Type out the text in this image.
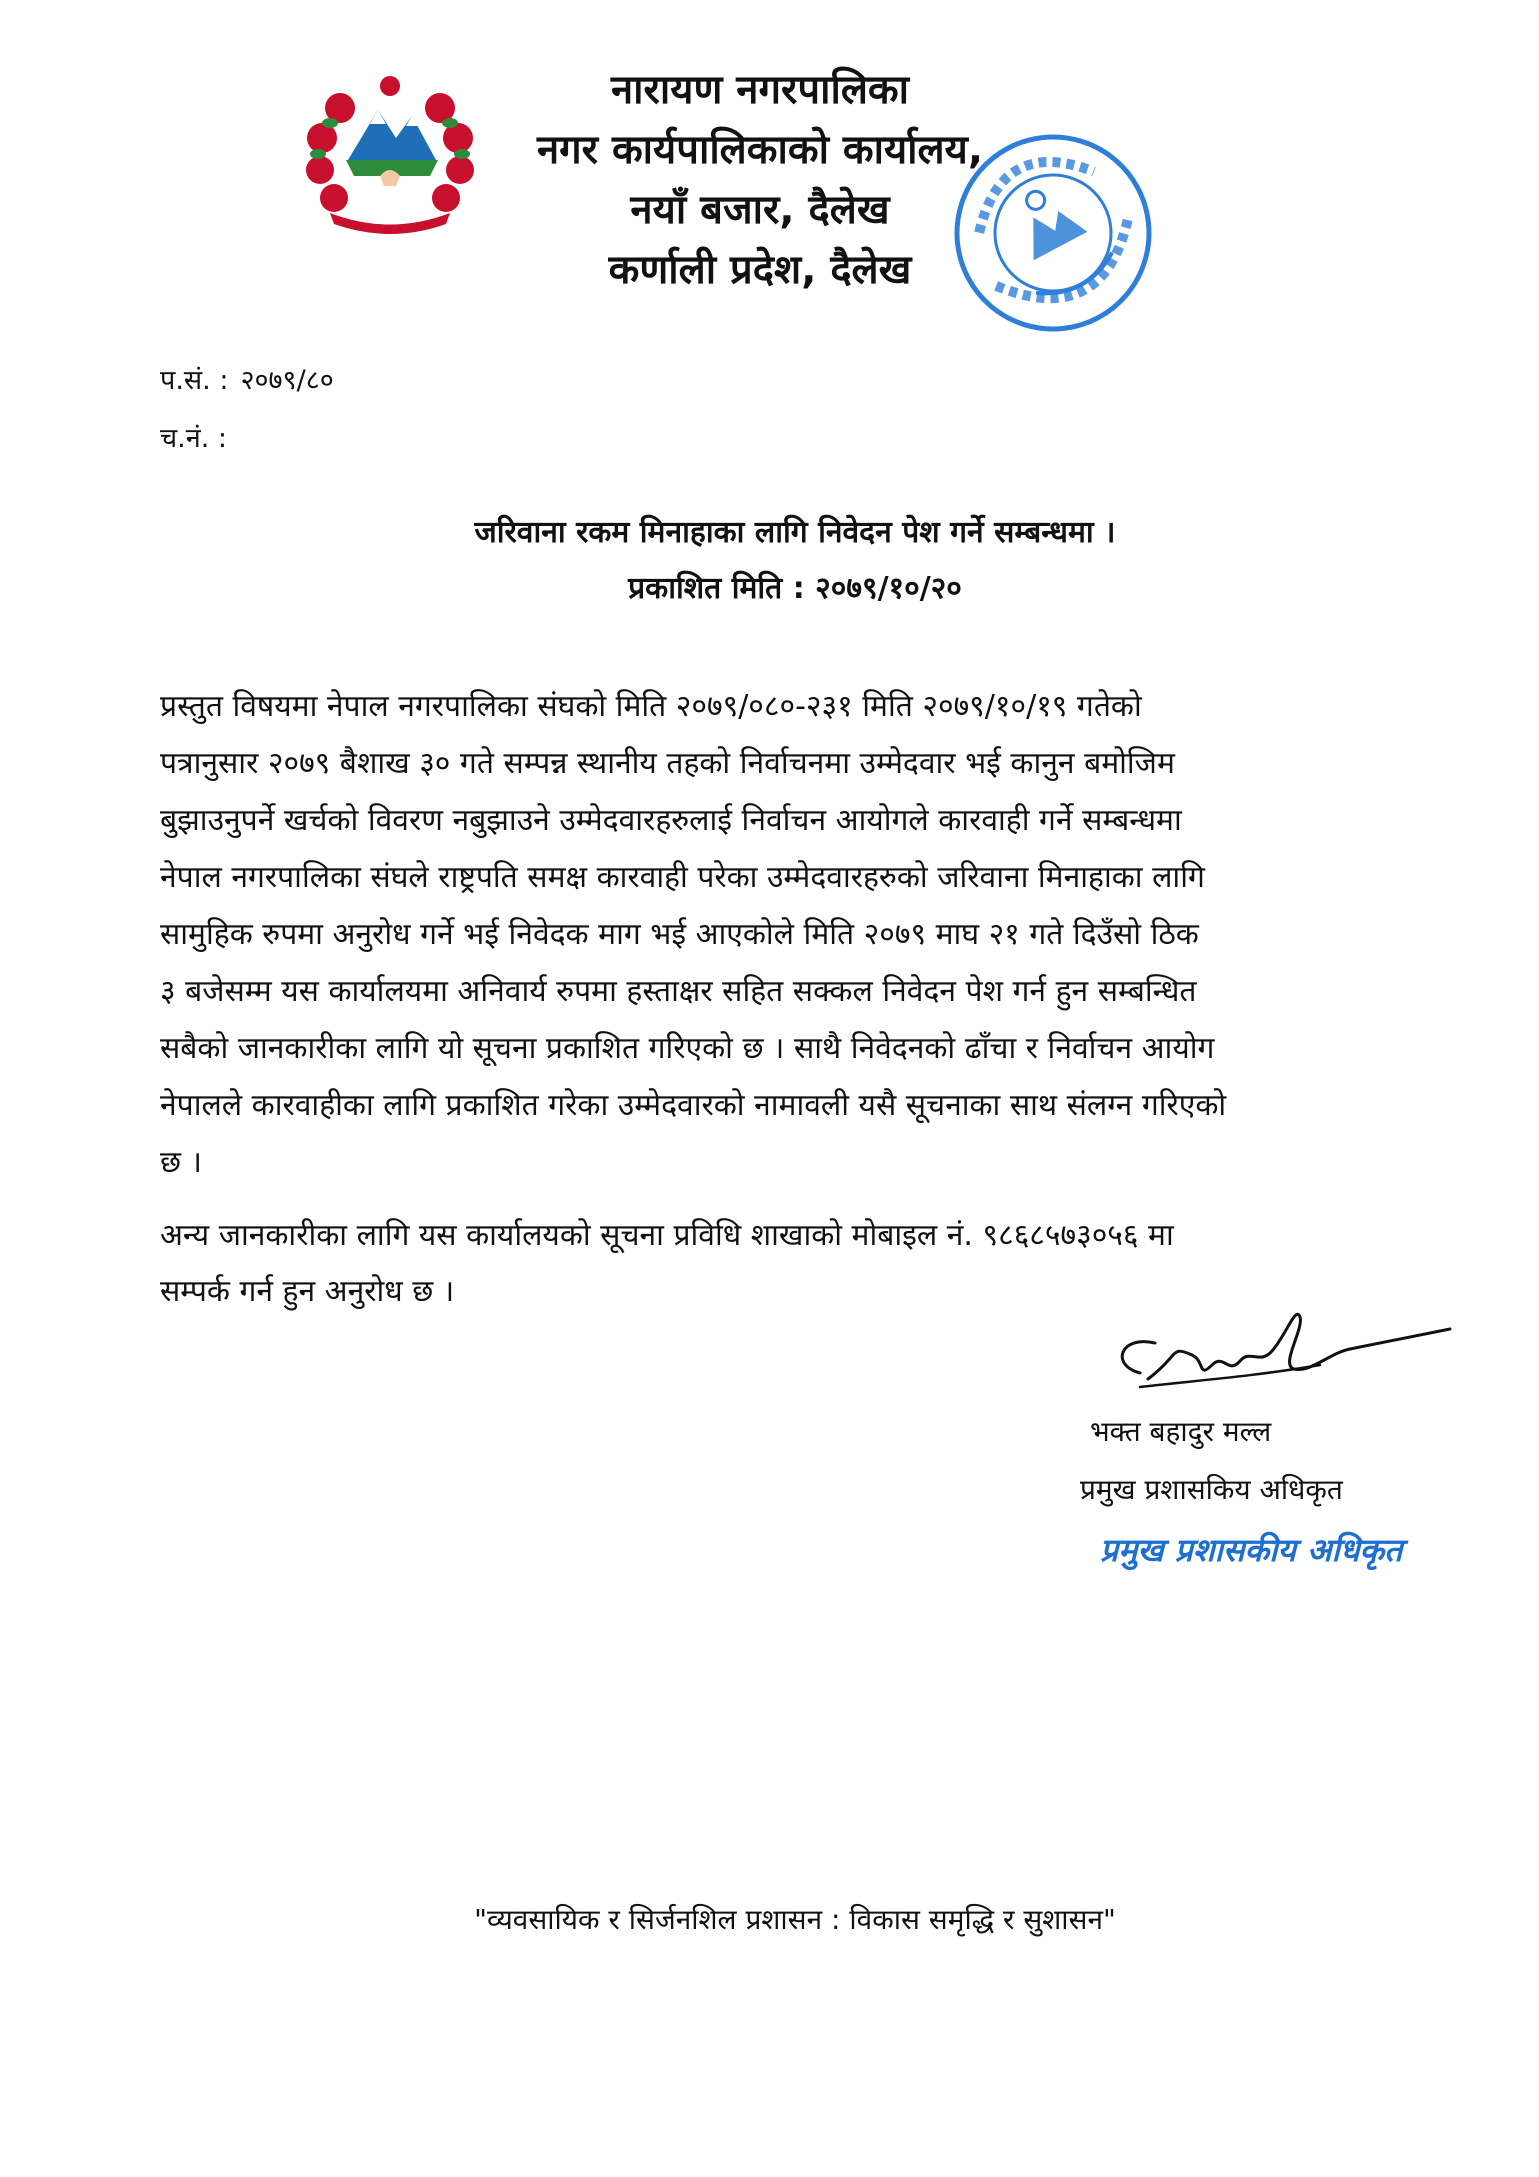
नारायण नगरपालिका
नगर कार्यपालिकाको कार्यालय,
नयाँ बजार, दैलेख
कर्णाली प्रदेश, दैलेख
प.सं. : २०७९/८०
च.नं. :
जरिवाना रकम मिनाहाका लागि निवेदन पेश गर्ने सम्बन्धमा ।
प्रकाशित मिति : २०७९/१०/२०
प्रस्तुत विषयमा नेपाल नगरपालिका संघको मिति २०७९/०८०-२३१ मिति २०७९/१०/१९ गतेको
पत्रानुसार २०७९ बैशाख ३० गते सम्पन्न स्थानीय तहको निर्वाचनमा उम्मेदवार भई कानुन बमोजिम
बुझाउनुपर्ने खर्चको विवरण नबुझाउने उम्मेदवारहरुलाई निर्वाचन आयोगले कारवाही गर्ने सम्बन्धमा
नेपाल नगरपालिका संघले राष्ट्रपति समक्ष कारवाही परेका उम्मेदवारहरुको जरिवाना मिनाहाका लागि
सामुहिक रुपमा अनुरोध गर्ने भई निवेदक माग भई आएकोले मिति २०७९ माघ २१ गते दिउँसो ठिक
३ बजेसम्म यस कार्यालयमा अनिवार्य रुपमा हस्ताक्षर सहित सक्कल निवेदन पेश गर्न हुन सम्बन्धित
सबैको जानकारीका लागि यो सूचना प्रकाशित गरिएको छ । साथै निवेदनको ढाँचा र निर्वाचन आयोग
नेपालले कारवाहीका लागि प्रकाशित गरेका उम्मेदवारको नामावली यसै सूचनाका साथ संलग्न गरिएको
छ ।
अन्य जानकारीका लागि यस कार्यालयको सूचना प्रविधि शाखाको मोबाइल नं. ९८६८५७३०५६ मा
सम्पर्क गर्न हुन अनुरोध छ ।
भक्त बहादुर मल्ल
प्रमुख प्रशासकिय अधिकृत
प्रमुख प्रशासकीय अधिकृत
"व्यवसायिक र सिर्जनशिल प्रशासन : विकास समृद्धि र सुशासन"
